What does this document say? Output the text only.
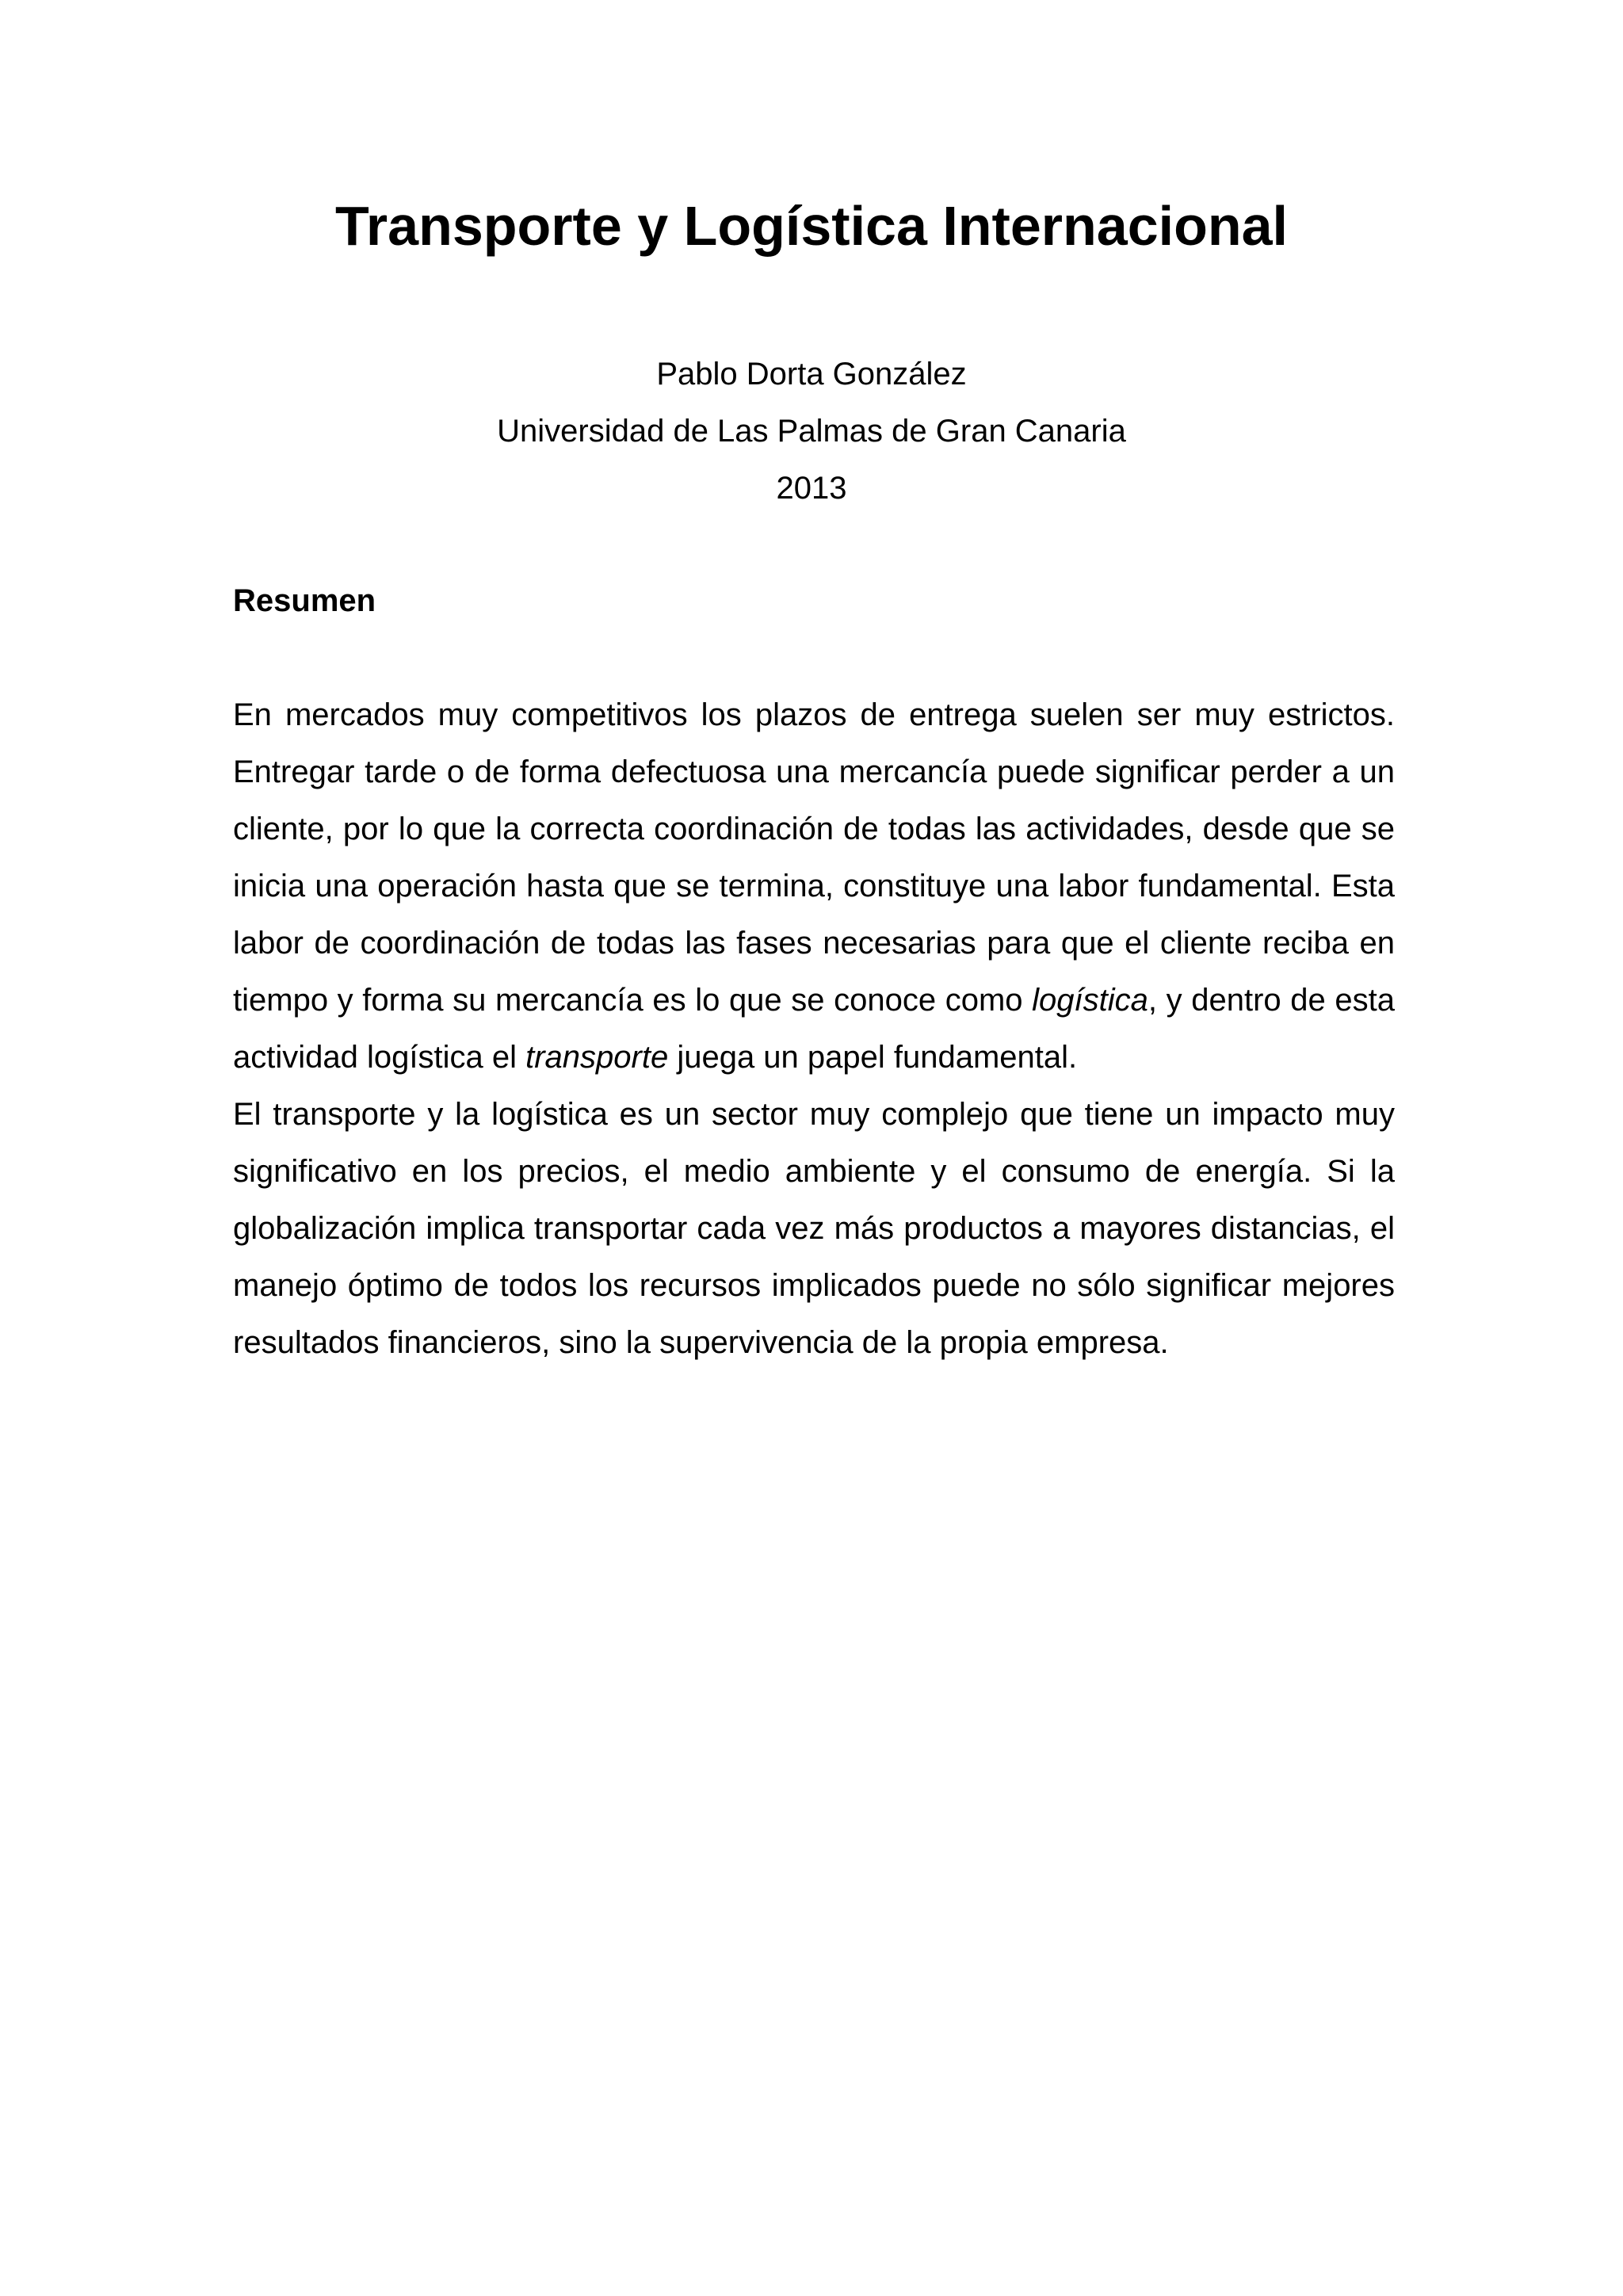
Transporte y Logística Internacional
Pablo Dorta González
Universidad de Las Palmas de Gran Canaria
2013
Resumen

En mercados muy competitivos los plazos de entrega suelen ser muy estrictos. Entregar tarde o de forma defectuosa una mercancía puede significar perder a un cliente, por lo que la correcta coordinación de todas las actividades, desde que se inicia una operación hasta que se termina, constituye una labor fundamental. Esta labor de coordinación de todas las fases necesarias para que el cliente reciba en tiempo y forma su mercancía es lo que se conoce como logística, y dentro de esta actividad logística el transporte juega un papel fundamental.

El transporte y la logística es un sector muy complejo que tiene un impacto muy significativo en los precios, el medio ambiente y el consumo de energía. Si la globalización implica transportar cada vez más productos a mayores distancias, el manejo óptimo de todos los recursos implicados puede no sólo significar mejores resultados financieros, sino la supervivencia de la propia empresa.
